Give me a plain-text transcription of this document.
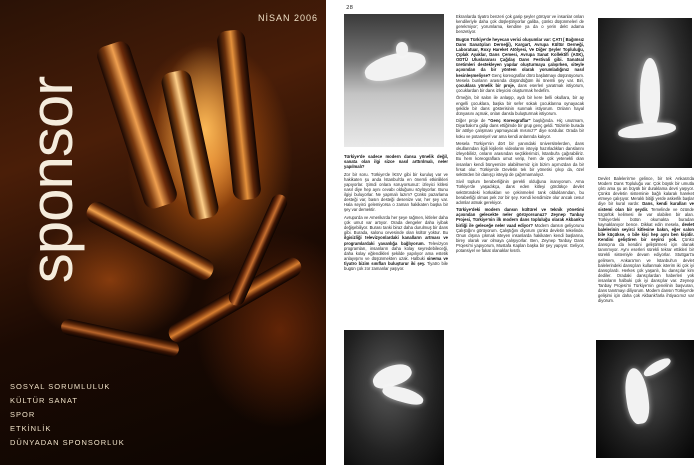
NİSAN 2006
sponsor
SOSYAL SORUMLULUK
KÜLTÜR SANAT
SPOR
ETKİNLİK
DÜNYADAN SPONSORLUK
28

Ekranlarda tiyatro benzeri çok garip şeyler görüyor ve insanlar onları kendileriyle daha çok düşleştiriyorlar galiba, çünkü düşünmeleri de gerekmiyor; yorumlama, kendine ya da o yerin dekt adama benzetiyor.

Bugün Türkiye'de heyecan verici oluşumlar var: ÇATI ( Bağımsız Dans Sanatçıları Derneği), Kargart, Avrupa Kültür Derneği, Laboratuar, Roxy Hareket Atölyesi, Ve Diğer Şeyler Topluluğu, Çıplak Ayaklar, Dans Çemesi, Avrupa Sanat Kollektifi (ASK), ODTÜ Uluslararası Çağdaş Dans Festivali gibi. Sanatsal üretimleri destekleyen yapılar oluşturmaya çalışırken, siteyle açısından da bir yöntem olarak yorumladığınız nasıl kesinleşmeliyse? Genç koreograflar dörü başlatmayı düşünüyorum. Mesela bunların arasında düşündüğüm iki önemli şey var. Biri, çocuklara yönelik bir proje, dans eserleri yaratmak istiyorum, çocuklardan bir dans izleyicisi oluşturmak hedefim.

Örneğin, bir salon ile anlaşıp, aydı bir kere belli okullara, bir ay engelli çocuklara, başka bir sefer sokak çocuklarına oynayacak şekilde bir dans gösterisinin sunmak istiyorum. Onların hayal dünyasını açmak, onları dansla buluşturmak istiyorum.

Diğer proje de "Genç Koreograflar" başlığında. Hiç unutmam, Diyarbakır'a gidip dans ettiğimde bir grup genç geldi. "Bizimle burada bir atölye çalışması yapmayacak mısınız?" diye sordular. Orada bir koku ve potansiyel var ama kendi anlarında kalıyor.

Mesela Türkiye'nin dört bir yanındaki üniversitelerden, dans okullarından ilgili kişilerin videolarını isteyip hazırladıkları danslarını izleyebiliriz, onların arasından seçtiklerimizi, İstanbul'a çağırabiliriz. Bu hem koreograflara umut verip, hem de çok yetenekli olan insanları kendi bünyemize alabilmemiz için bizim açımızdan da bir fırsat olur. Türkiye'de Devletin tek bir yönetisi çıkıp da, özel sektörden bir danışçı isteyip de çağırmamalıyız.

Sivil toplum beraberliğinin gerekli olduğuna inanıyorum. Ama Türkiye'de yaşadıkça, dans eden kitleyi gördükçe devlet sektöründeki korkakları ve çekinmeleri tank olduklarından, bu beraberliği olmas pek zor bir şey. Kendi kendimize olur ancak cesur adımlar atmak gerekiyor.

Türkiye'deki modern dansın kültürel ve teknik yönetimi açısından gelecekte neler görüyorsunuz? Zeynep Tanbay Projesi, Türkiye'nin ilk modern dans topluluğu olarak Akbank'a birliği ile geleceğe neler vaad ediyor? Modern dansın geliyorunu Çalıştığını görüyorum. Çalıştığını diyorum çünkü devletin tekelinde. Onun dışına çıkmak isteyen insanlarda hakikaten kendi başlarına, birey olarak var olmaya çalışıyorlar. Ben, Zeynep Tanbay Dans Projesi'ni yapıyorum, Mustafa Kaplan başka bir şey yapıyor. Geliyor, potansiyel ve fakat olanaklar kısıtlı.

Türkiye'de sadece modern dansa yönelik değil, sanata olan ilgi sizce nasıl arttırılmalı, neler yapılmalı?

Zor bir soru. Türkiye'de İKSV gibi bir kuruluş var ve hakikaten şu anda İstanbul'da en önemli etkinlikleri yapıyorlar. Şimdi onlara soruyorsunuz: izleyici kitlesi nasıl diye hep aynı cevabı olduğunu söylüyorlar. Bunu ilgiyi buluyorlar. Ne yapmalı lazım? Çünkü pazarlama desteği var, basın desteği desenize var, her şey var. Hala seyirci gelemiyorsa o zaman hakikaten başka bir şey var demektir.

Avrupa'da ve Amerika'da her şeye rağmen, kitleler daha çok umut var artıyor. Orada dengeler daha iyibak değişebiliyor. Burası tanki biraz daha durulmuş bir dans gibi. Burada, salonu cevesinde olan kültür yoktur. Bu ilgisizliği televizyonlardaki kanalların artması ve programlardaki yavanlığa bağlıyorum. Televizyon programları, insanların daha kolay seyredebileceği, daha kolay eğlendikleri şekilde yapılıyor ama estetik anlayışımı ve düşünmekten uzak. Halbuki sinema ve tiyatro bizim sınıfları buluşturur iki şey. Tiyatro bile bugün çok zor zamanlar yaşıyor.

Devlet Balelerin'ne gelince, bir tek Ankara'da Modern Dans Topluluğu var. Çok büyük bir umutla çıktı ama şu an büyük bir duraklama devri yaşıyor. Çünkü devletin sisteminie bağlı kalarak hareket etmeye çalışıyor. Meraklı bitiği yerde askerlik başlar diye bir kural vardır. Dans, kendi kuralları ve sistemi olan bir şeydir. Temelinde ve özünde özgürlük kelimesi ile var olabilen bir alan. Türkiye'deki bütün okumakta buradan kaynaklanıyor bence. Dikkat edin mesela, devlet balelerinin seyirci kitlesine bakın, eğer salon bile küçükse, o bile kişi hep aynı ben kişidir. Kendini geliştiren bir seyirci yok. Çünkü dansçına da kendini geliştirmesi için olanak tanınmıyor. Aynı eserleri sürekli tekrar ettikleri bir sürekli sistemiyle devam ediyorlar. Stuttgart'a gelirsem, Ankara'nın ve İstanbul'un devlet balelerindeki dansçıları kullanmak isterim iki çok iyi dansçılardı. Herkes çok yaşanlı, bu dansçılar kim dediler. Oradaki dansçılardan haberleri yok insanların halbuki çok iyi dansçılar var. Zeynep Tanbay Projesi'ni Türkiye'nin genelinin başvuran, dans tanıtmayı diliyorum. Modern dansın Türkiye'de gelişimi için daha çok Akbank'larla ihtiyacımız var diyorum.
